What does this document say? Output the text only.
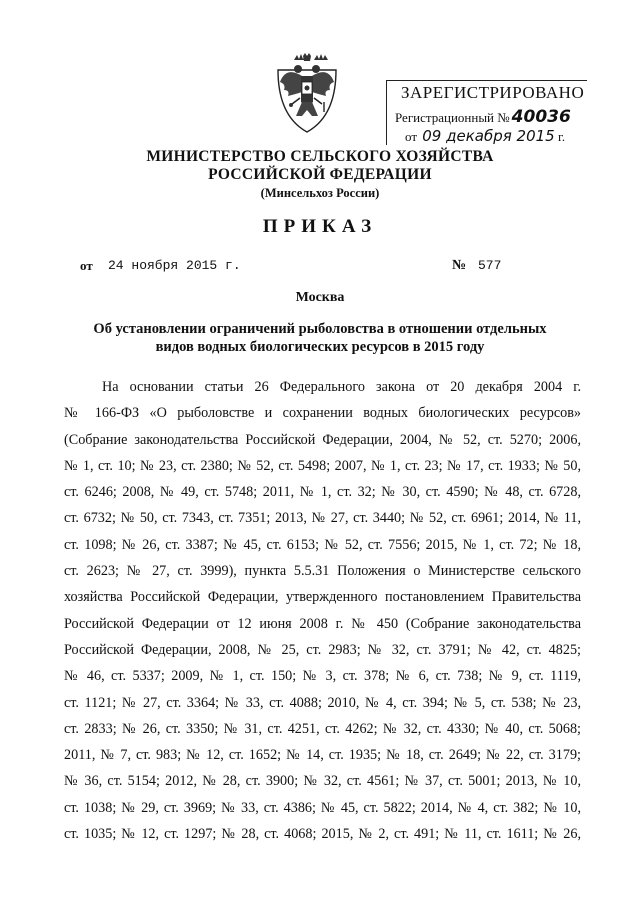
ЗАРЕГИСТРИРОВАНО
Регистрационный № 40036
от 09 декабря 2015 г.
МИНИСТЕРСТВО СЕЛЬСКОГО ХОЗЯЙСТВА
РОССИЙСКОЙ ФЕДЕРАЦИИ
(Минсельхоз России)
ПРИКАЗ
от 24 ноября 2015 г.	№ 577
Москва
Об установлении ограничений рыболовства в отношении отдельных
видов водных биологических ресурсов в 2015 году
На основании статьи 26 Федерального закона от 20 декабря 2004 г.
№ 166-ФЗ «О рыболовстве и сохранении водных биологических ресурсов»
(Собрание законодательства Российской Федерации, 2004, № 52, ст. 5270; 2006,
№ 1, ст. 10; № 23, ст. 2380; № 52, ст. 5498; 2007, № 1, ст. 23; № 17, ст. 1933; № 50,
ст. 6246; 2008, № 49, ст. 5748; 2011, № 1, ст. 32; № 30, ст. 4590; № 48, ст. 6728,
ст. 6732; № 50, ст. 7343, ст. 7351; 2013, № 27, ст. 3440; № 52, ст. 6961; 2014, № 11,
ст. 1098; № 26, ст. 3387; № 45, ст. 6153; № 52, ст. 7556; 2015, № 1, ст. 72; № 18,
ст. 2623; № 27, ст. 3999), пункта 5.5.31 Положения о Министерстве сельского
хозяйства Российской Федерации, утвержденного постановлением Правительства
Российской Федерации от 12 июня 2008 г. № 450 (Собрание законодательства
Российской Федерации, 2008, № 25, ст. 2983; № 32, ст. 3791; № 42, ст. 4825;
№ 46, ст. 5337; 2009, № 1, ст. 150; № 3, ст. 378; № 6, ст. 738; № 9, ст. 1119,
ст. 1121; № 27, ст. 3364; № 33, ст. 4088; 2010, № 4, ст. 394; № 5, ст. 538; № 23,
ст. 2833; № 26, ст. 3350; № 31, ст. 4251, ст. 4262; № 32, ст. 4330; № 40, ст. 5068;
2011, № 7, ст. 983; № 12, ст. 1652; № 14, ст. 1935; № 18, ст. 2649; № 22, ст. 3179;
№ 36, ст. 5154; 2012, № 28, ст. 3900; № 32, ст. 4561; № 37, ст. 5001; 2013, № 10,
ст. 1038; № 29, ст. 3969; № 33, ст. 4386; № 45, ст. 5822; 2014, № 4, ст. 382; № 10,
ст. 1035; № 12, ст. 1297; № 28, ст. 4068; 2015, № 2, ст. 491; № 11, ст. 1611; № 26,
